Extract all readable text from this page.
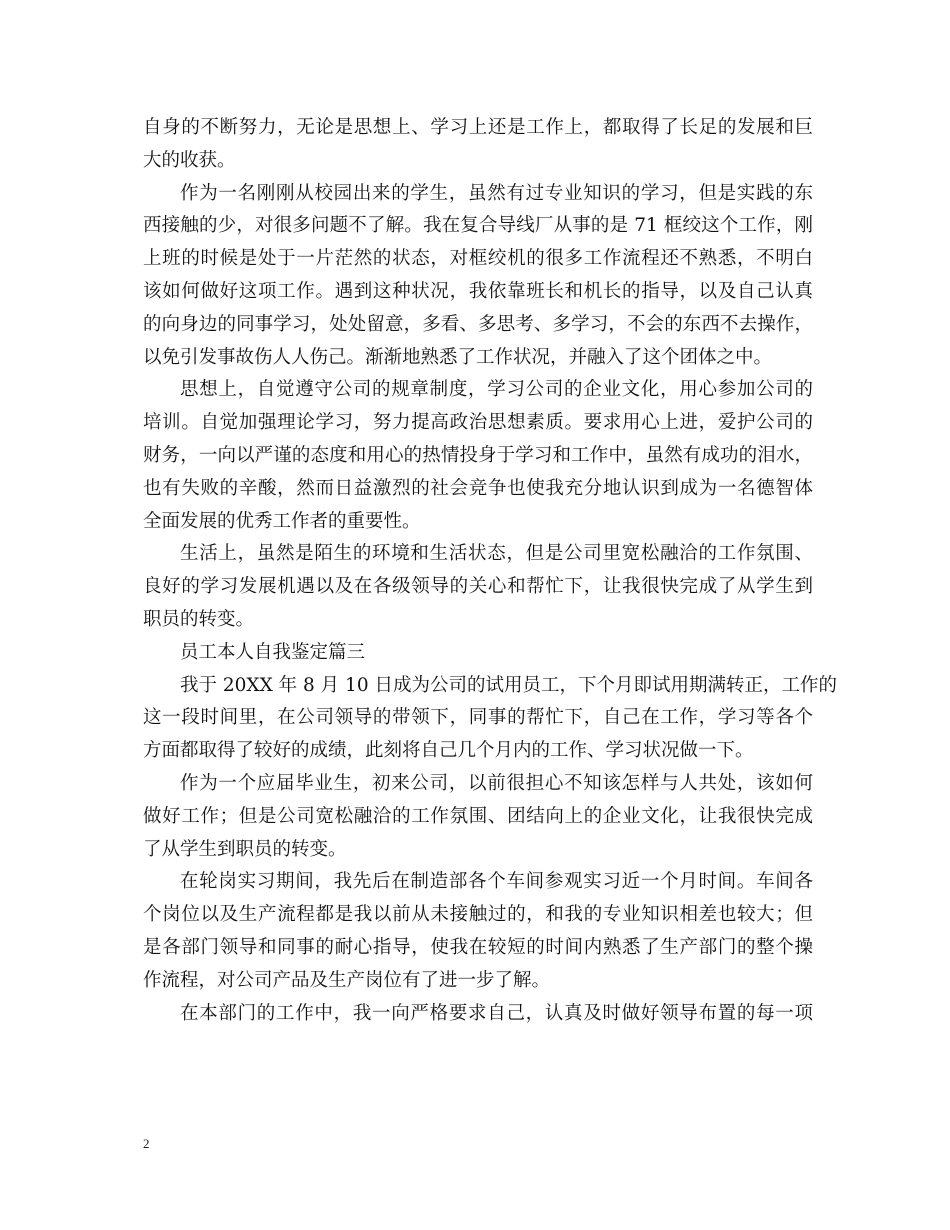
自身的不断努力，无论是思想上、学习上还是工作上，都取得了长足的发展和巨
大的收获。
作为一名刚刚从校园出来的学生，虽然有过专业知识的学习，但是实践的东
西接触的少，对很多问题不了解。我在复合导线厂从事的是 71 框绞这个工作，刚
上班的时候是处于一片茫然的状态，对框绞机的很多工作流程还不熟悉，不明白
该如何做好这项工作。遇到这种状况，我依靠班长和机长的指导，以及自己认真
的向身边的同事学习，处处留意，多看、多思考、多学习，不会的东西不去操作，
以免引发事故伤人人伤己。渐渐地熟悉了工作状况，并融入了这个团体之中。
思想上，自觉遵守公司的规章制度，学习公司的企业文化，用心参加公司的
培训。自觉加强理论学习，努力提高政治思想素质。要求用心上进，爱护公司的
财务，一向以严谨的态度和用心的热情投身于学习和工作中，虽然有成功的泪水，
也有失败的辛酸，然而日益激烈的社会竞争也使我充分地认识到成为一名德智体
全面发展的优秀工作者的重要性。
生活上，虽然是陌生的环境和生活状态，但是公司里宽松融洽的工作氛围、
良好的学习发展机遇以及在各级领导的关心和帮忙下，让我很快完成了从学生到
职员的转变。
员工本人自我鉴定篇三
我于 20XX 年 8 月 10 日成为公司的试用员工，下个月即试用期满转正，工作的
这一段时间里，在公司领导的带领下，同事的帮忙下，自己在工作，学习等各个
方面都取得了较好的成绩，此刻将自己几个月内的工作、学习状况做一下。
作为一个应届毕业生，初来公司，以前很担心不知该怎样与人共处，该如何
做好工作；但是公司宽松融洽的工作氛围、团结向上的企业文化，让我很快完成
了从学生到职员的转变。
在轮岗实习期间，我先后在制造部各个车间参观实习近一个月时间。车间各
个岗位以及生产流程都是我以前从未接触过的，和我的专业知识相差也较大；但
是各部门领导和同事的耐心指导，使我在较短的时间内熟悉了生产部门的整个操
作流程，对公司产品及生产岗位有了进一步了解。
在本部门的工作中，我一向严格要求自己，认真及时做好领导布置的每一项
2
